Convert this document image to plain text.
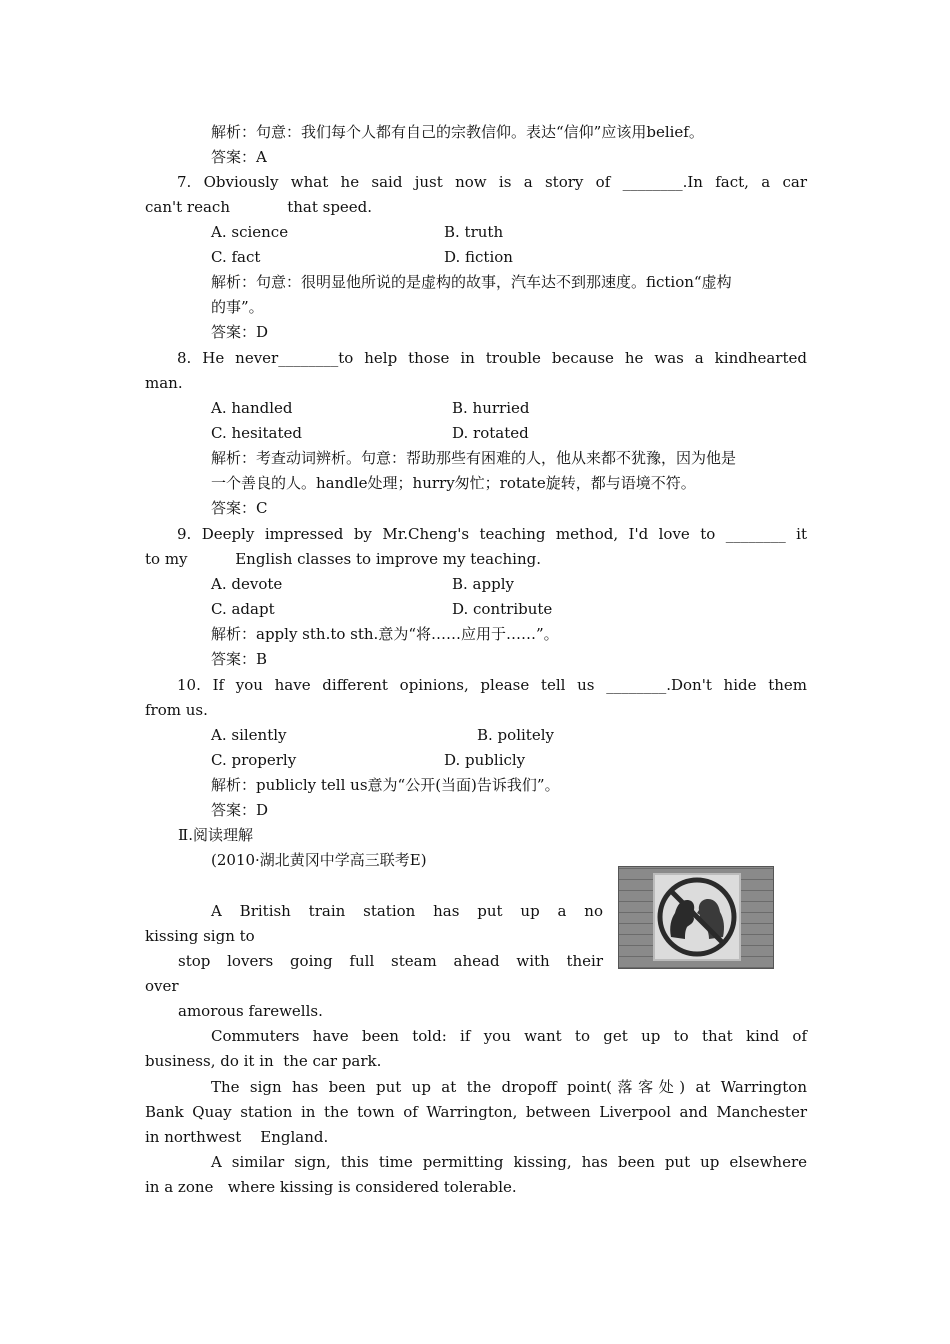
解析：句意：我们每个人都有自己的宗教信仰。表达“信仰”应该用belief。
答案：A
7. Obviously what he said just now is a story of ________.In fact, a car
can't reach            that speed.
A. science	B. truth
C. fact	D. fiction
解析：句意：很明显他所说的是虚构的故事，汽车达不到那速度。fiction“虚构
的事”。
答案：D
8. He never________to help those in trouble because he was a kindhearted
man.
A. handled	B. hurried
C. hesitated	D. rotated
解析：考查动词辨析。句意：帮助那些有困难的人，他从来都不犹豫，因为他是
一个善良的人。handle处理；hurry匆忙；rotate旋转，都与语境不符。
答案：C
9. Deeply impressed by Mr.Cheng's teaching method, I'd love to ________ it
to my          English classes to improve my teaching.
A. devote	B. apply
C. adapt	D. contribute
解析：apply sth.to sth.意为“将……应用于……”。
答案：B
10. If you have different opinions, please tell us ________.Don't hide them
from us.
A. silently	B. politely
C. properly	D. publicly
解析：publicly tell us意为“公开(当面)告诉我们”。
答案：D
Ⅱ.阅读理解
(2010·湖北黄冈中学高三联考E)
A British train station has put up a no
kissing sign to
stop lovers going full steam ahead with their
over
amorous farewells.
Commuters have been told: if you want to get up to that kind of
business, do it in  the car park.
The sign has been put up at the dropoff point(落客处) at Warrington
Bank Quay station in the town of Warrington, between Liverpool and Manchester
in northwest    England.
A similar sign, this time permitting kissing, has been put up elsewhere
in a zone   where kissing is considered tolerable.
